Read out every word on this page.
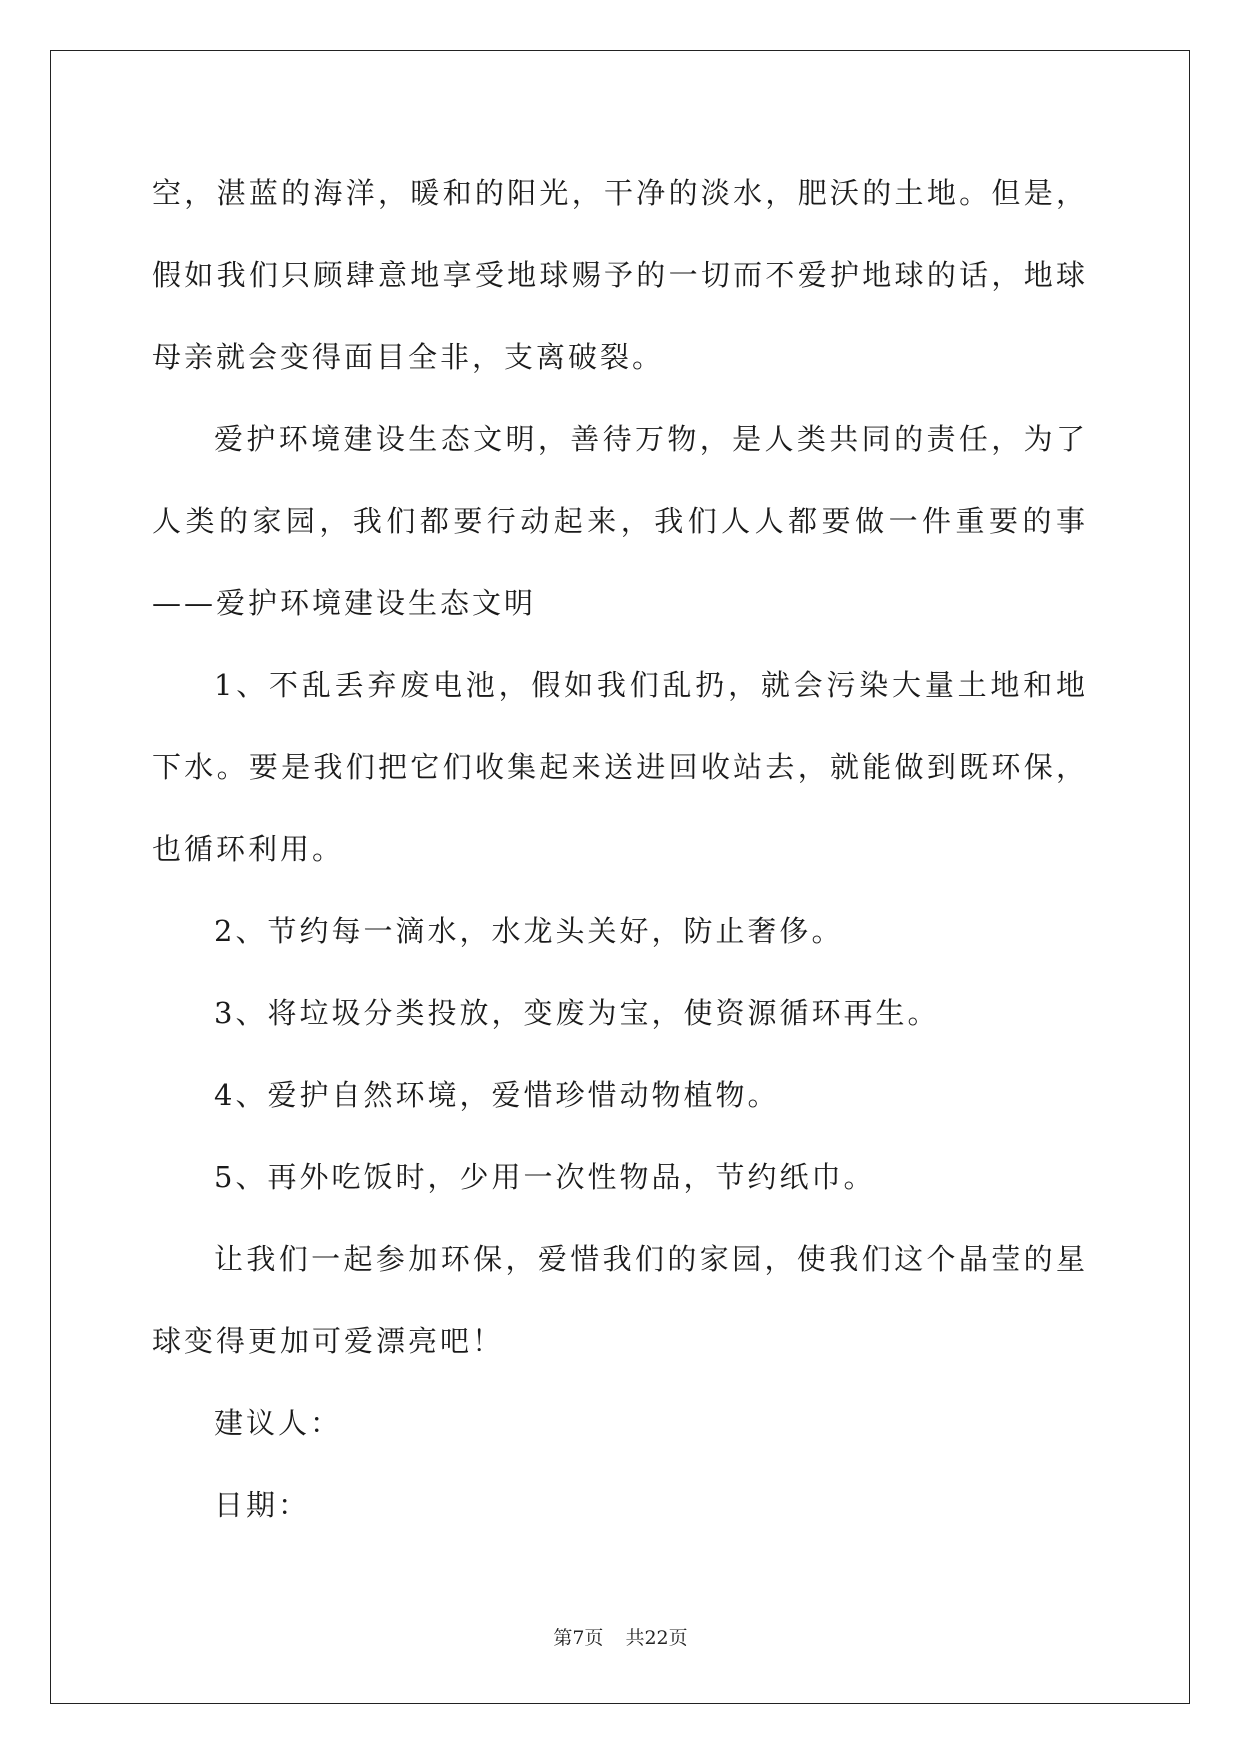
空，湛蓝的海洋，暖和的阳光，干净的淡水，肥沃的土地。但是，假如我们只顾肆意地享受地球赐予的一切而不爱护地球的话，地球母亲就会变得面目全非，支离破裂。

爱护环境建设生态文明，善待万物，是人类共同的责任，为了人类的家园，我们都要行动起来，我们人人都要做一件重要的事——爱护环境建设生态文明

1、不乱丢弃废电池，假如我们乱扔，就会污染大量土地和地下水。要是我们把它们收集起来送进回收站去，就能做到既环保，也循环利用。

2、节约每一滴水，水龙头关好，防止奢侈。

3、将垃圾分类投放，变废为宝，使资源循环再生。

4、爱护自然环境，爱惜珍惜动物植物。

5、再外吃饭时，少用一次性物品，节约纸巾。

让我们一起参加环保，爱惜我们的家园，使我们这个晶莹的星球变得更加可爱漂亮吧！

建议人：

日期：

第7页 共22页
